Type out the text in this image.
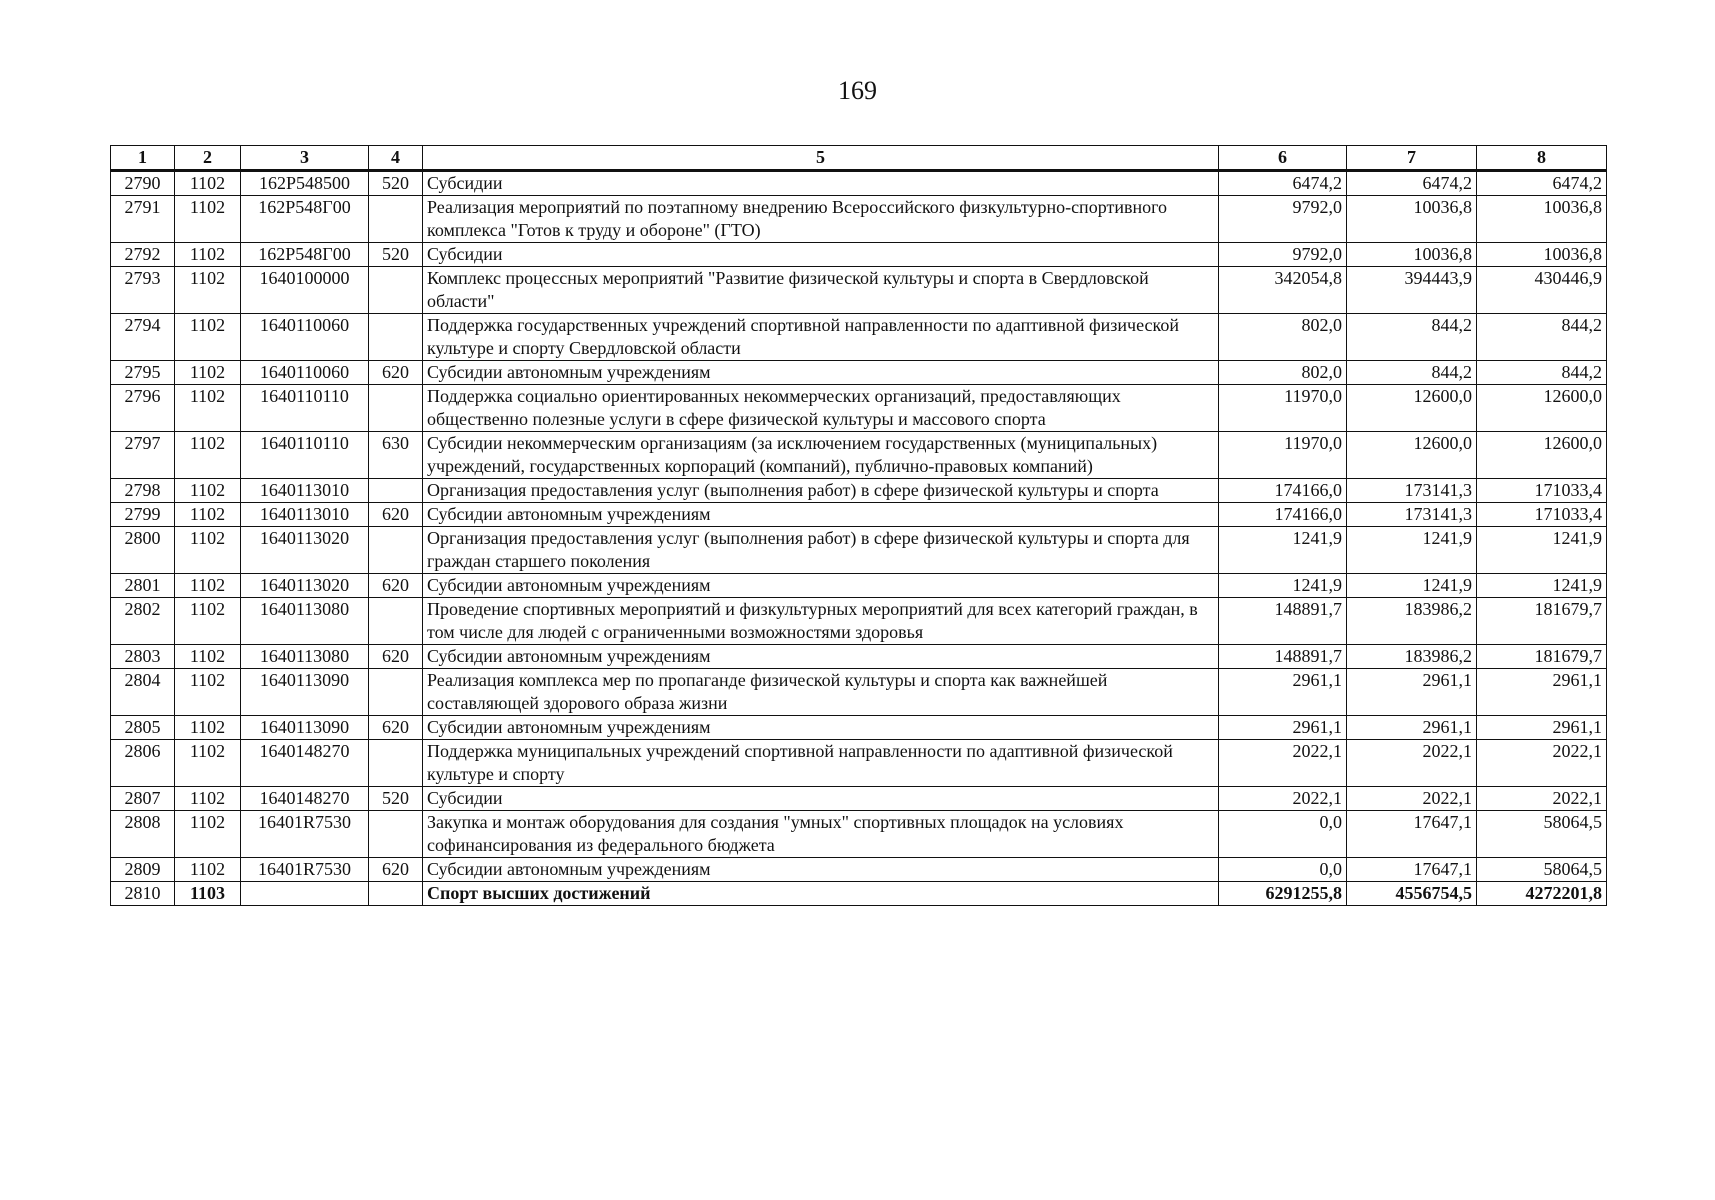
169
1	2	3	4	5	6	7	8
2790	1102	162P548500	520	Субсидии	6474,2	6474,2	6474,2
2791	1102	162P548Г00		Реализация мероприятий по поэтапному внедрению Всероссийского физкультурно-спортивного комплекса "Готов к труду и обороне" (ГТО)	9792,0	10036,8	10036,8
2792	1102	162P548Г00	520	Субсидии	9792,0	10036,8	10036,8
2793	1102	1640100000		Комплекс процессных мероприятий "Развитие физической культуры и спорта в Свердловской области"	342054,8	394443,9	430446,9
2794	1102	1640110060		Поддержка государственных учреждений спортивной направленности по адаптивной физической культуре и спорту Свердловской области	802,0	844,2	844,2
2795	1102	1640110060	620	Субсидии автономным учреждениям	802,0	844,2	844,2
2796	1102	1640110110		Поддержка социально ориентированных некоммерческих организаций, предоставляющих общественно полезные услуги в сфере физической культуры и массового спорта	11970,0	12600,0	12600,0
2797	1102	1640110110	630	Субсидии некоммерческим организациям (за исключением государственных (муниципальных) учреждений, государственных корпораций (компаний), публично-правовых компаний)	11970,0	12600,0	12600,0
2798	1102	1640113010		Организация предоставления услуг (выполнения работ) в сфере физической культуры и спорта	174166,0	173141,3	171033,4
2799	1102	1640113010	620	Субсидии автономным учреждениям	174166,0	173141,3	171033,4
2800	1102	1640113020		Организация предоставления услуг (выполнения работ) в сфере физической культуры и спорта для граждан старшего поколения	1241,9	1241,9	1241,9
2801	1102	1640113020	620	Субсидии автономным учреждениям	1241,9	1241,9	1241,9
2802	1102	1640113080		Проведение спортивных мероприятий и физкультурных мероприятий для всех категорий граждан, в том числе для людей с ограниченными возможностями здоровья	148891,7	183986,2	181679,7
2803	1102	1640113080	620	Субсидии автономным учреждениям	148891,7	183986,2	181679,7
2804	1102	1640113090		Реализация комплекса мер по пропаганде физической культуры и спорта как важнейшей составляющей здорового образа жизни	2961,1	2961,1	2961,1
2805	1102	1640113090	620	Субсидии автономным учреждениям	2961,1	2961,1	2961,1
2806	1102	1640148270		Поддержка муниципальных учреждений спортивной направленности по адаптивной физической культуре и спорту	2022,1	2022,1	2022,1
2807	1102	1640148270	520	Субсидии	2022,1	2022,1	2022,1
2808	1102	16401R7530		Закупка и монтаж оборудования для создания "умных" спортивных площадок на условиях софинансирования из федерального бюджета	0,0	17647,1	58064,5
2809	1102	16401R7530	620	Субсидии автономным учреждениям	0,0	17647,1	58064,5
2810	1103			Спорт высших достижений	6291255,8	4556754,5	4272201,8
